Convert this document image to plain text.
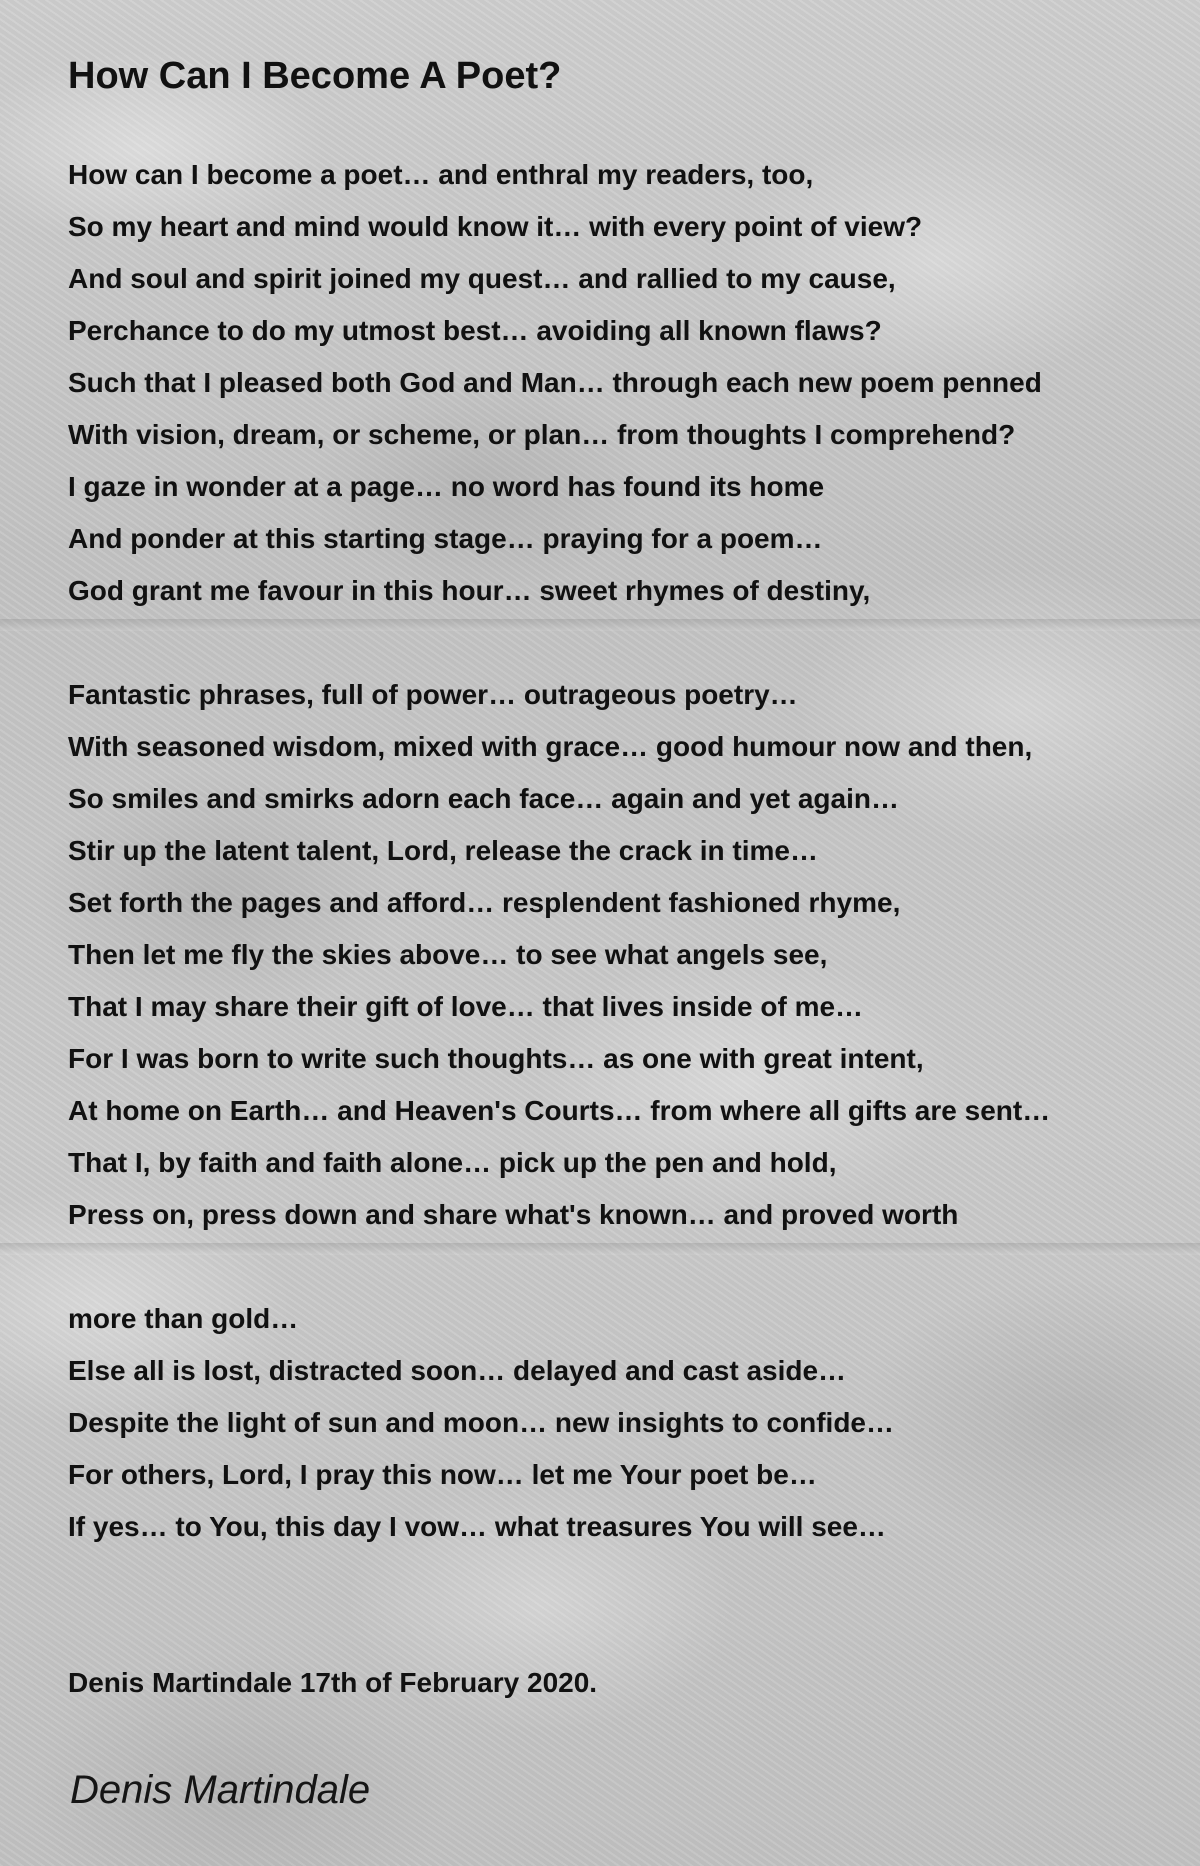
How Can I Become A Poet?
How can I become a poet… and enthral my readers, too,
So my heart and mind would know it… with every point of view?
And soul and spirit joined my quest… and rallied to my cause,
Perchance to do my utmost best… avoiding all known flaws?
Such that I pleased both God and Man… through each new poem penned
With vision, dream, or scheme, or plan… from thoughts I comprehend?
I gaze in wonder at a page… no word has found its home
And ponder at this starting stage… praying for a poem…
God grant me favour in this hour… sweet rhymes of destiny,
Fantastic phrases, full of power… outrageous poetry…
With seasoned wisdom, mixed with grace… good humour now and then,
So smiles and smirks adorn each face… again and yet again…
Stir up the latent talent, Lord, release the crack in time…
Set forth the pages and afford… resplendent fashioned rhyme,
Then let me fly the skies above… to see what angels see,
That I may share their gift of love… that lives inside of me…
For I was born to write such thoughts… as one with great intent,
At home on Earth… and Heaven's Courts… from where all gifts are sent…
That I, by faith and faith alone… pick up the pen and hold,
Press on, press down and share what's known… and proved worth
more than gold…
Else all is lost, distracted soon… delayed and cast aside…
Despite the light of sun and moon… new insights to confide…
For others, Lord, I pray this now… let me Your poet be…
If yes… to You, this day I vow… what treasures You will see…
Denis Martindale 17th of February 2020.
Denis Martindale
